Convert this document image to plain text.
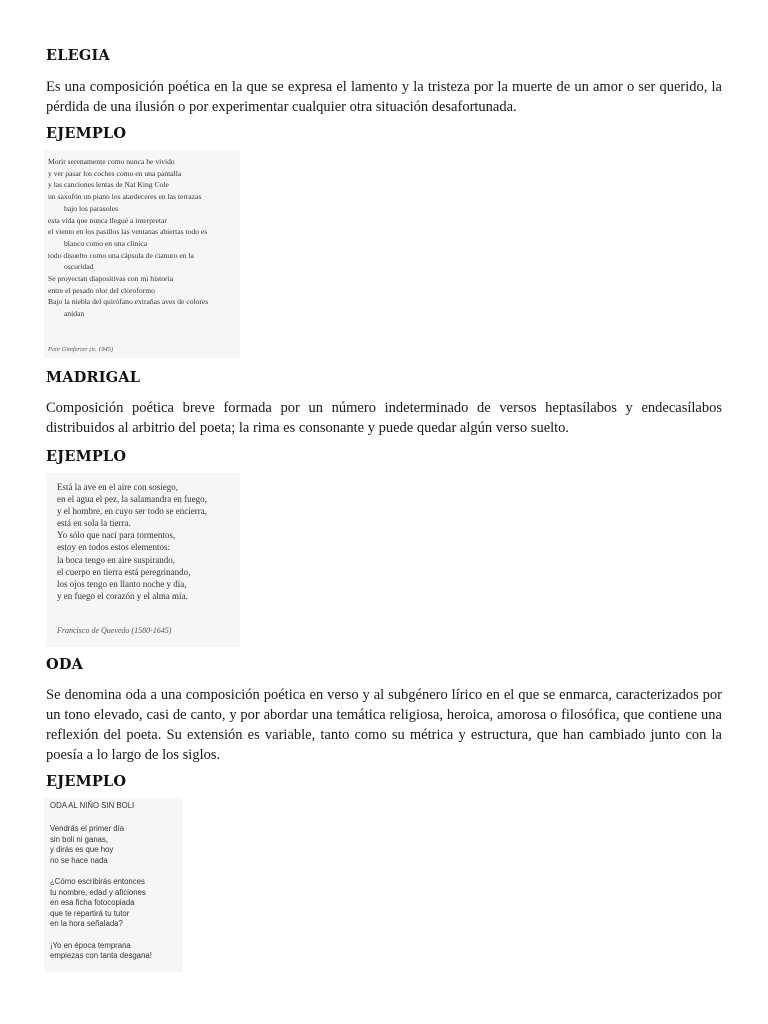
ELEGIA
Es una composición poética en la que se expresa el lamento y la tristeza por la muerte de un amor o ser querido, la pérdida de una ilusión o por experimentar cualquier otra situación desafortunada.
EJEMPLO
Morir serenamente como nunca he vivido
y ver pasar los coches como en una pantalla
y las canciones lentas de Nat King Cole
un saxofón un piano los atardeceres en las terrazas
bajo los parasoles
esta vida que nunca llegué a interpretar
el viento en los pasillos las ventanas abiertas todo es
blanco como en una clínica
todo disuelto como una cápsula de cianuro en la
oscuridad
Se proyectan diapositivas con mi historia
entre el pesado olor del cloroformo
Bajo la niebla del quirófano extrañas aves de colores
anidan
Pere Gimferrer (n. 1945)
MADRIGAL
Composición poética breve formada por un número indeterminado de versos heptasílabos y endecasílabos distribuidos al arbitrio del poeta; la rima es consonante y puede quedar algún verso suelto.
EJEMPLO
Está la ave en el aire con sosiego,
en el agua el pez, la salamandra en fuego,
y el hombre, en cuyo ser todo se encierra,
está en sola la tierra.
Yo sólo que nací para tormentos,
estoy en todos estos elementos:
la boca tengo en aire suspirando,
el cuerpo en tierra está peregrinando,
los ojos tengo en llanto noche y día,
y en fuego el corazón y el alma mía.
Francisco de Quevedo (1580-1645)
ODA
Se denomina oda a una composición poética en verso y al subgénero lírico en el que se enmarca, caracterizados por un tono elevado, casi de canto, y por abordar una temática religiosa, heroica, amorosa o filosófica, que contiene una reflexión del poeta. Su extensión es variable, tanto como su métrica y estructura, que han cambiado junto con la poesía a lo largo de los siglos.
EJEMPLO
ODA AL NIÑO SIN BOLI
Vendrás el primer día
sin boli ni ganas,
y dirás es que hoy
no se hace nada

¿Cómo escribirás entonces
tu nombre, edad y aficiones
en esa ficha fotocopiada
que te repartirá tu tutor
en la hora señalada?

¡Yo en época temprana
empiezas con tanta desgana!
